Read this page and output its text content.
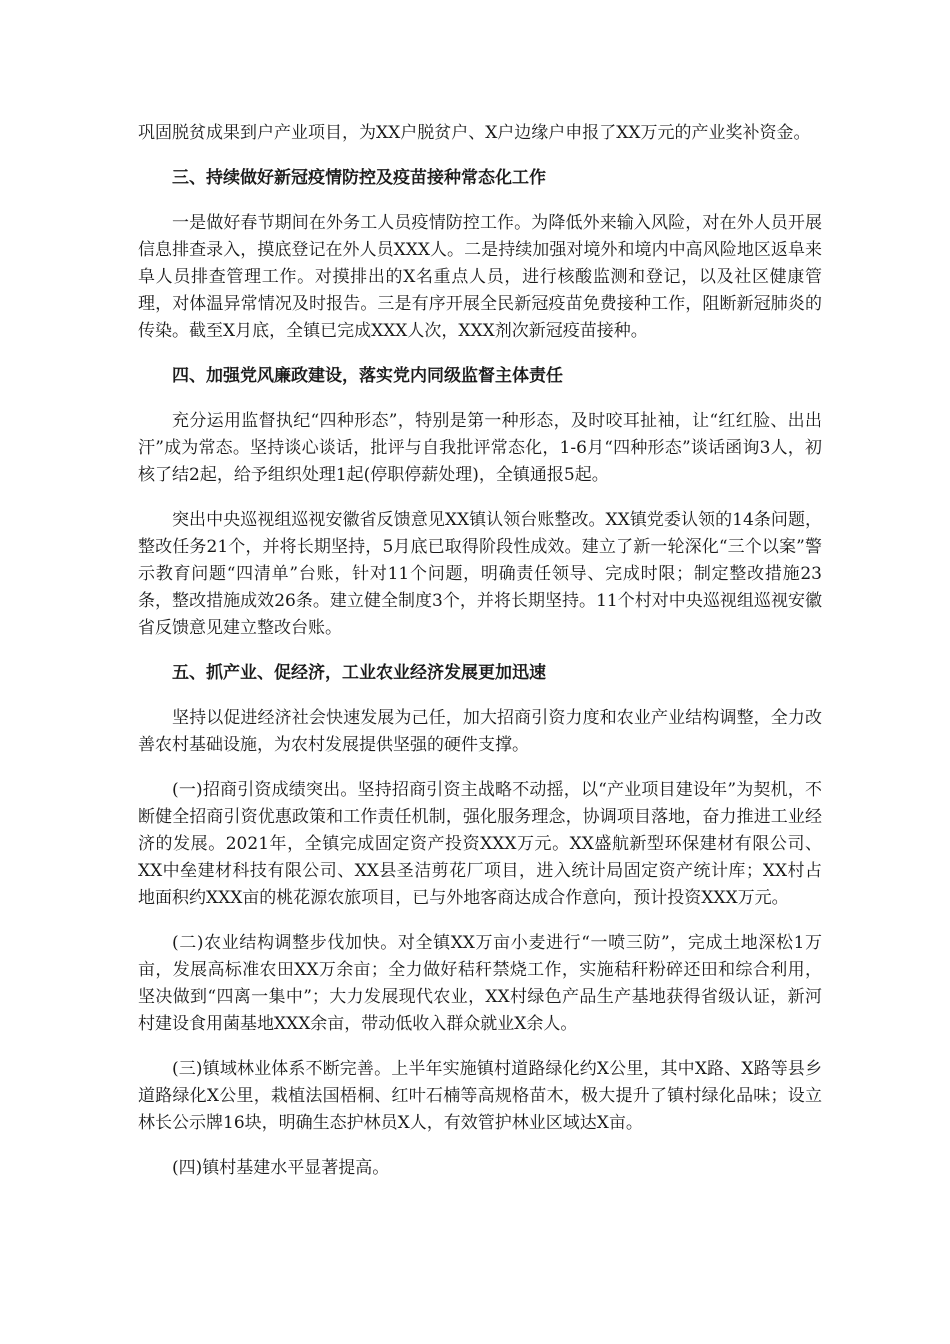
巩固脱贫成果到户产业项目，为XX户脱贫户、X户边缘户申报了XX万元的产业奖补资金。

三、持续做好新冠疫情防控及疫苗接种常态化工作

一是做好春节期间在外务工人员疫情防控工作。为降低外来输入风险，对在外人员开展信息排查录入，摸底登记在外人员XXX人。二是持续加强对境外和境内中高风险地区返阜来阜人员排查管理工作。对摸排出的X名重点人员，进行核酸监测和登记，以及社区健康管理，对体温异常情况及时报告。三是有序开展全民新冠疫苗免费接种工作，阻断新冠肺炎的传染。截至X月底，全镇已完成XXX人次，XXX剂次新冠疫苗接种。

四、加强党风廉政建设，落实党内同级监督主体责任

充分运用监督执纪“四种形态”，特别是第一种形态，及时咬耳扯袖，让“红红脸、出出汗”成为常态。坚持谈心谈话，批评与自我批评常态化，1-6月“四种形态”谈话函询3人，初核了结2起，给予组织处理1起(停职停薪处理)，全镇通报5起。

突出中央巡视组巡视安徽省反馈意见XX镇认领台账整改。XX镇党委认领的14条问题，整改任务21个，并将长期坚持，5月底已取得阶段性成效。建立了新一轮深化“三个以案”警示教育问题“四清单”台账，针对11个问题，明确责任领导、完成时限；制定整改措施23条，整改措施成效26条。建立健全制度3个，并将长期坚持。11个村对中央巡视组巡视安徽省反馈意见建立整改台账。

五、抓产业、促经济，工业农业经济发展更加迅速

坚持以促进经济社会快速发展为己任，加大招商引资力度和农业产业结构调整，全力改善农村基础设施，为农村发展提供坚强的硬件支撑。

(一)招商引资成绩突出。坚持招商引资主战略不动摇，以“产业项目建设年”为契机，不断健全招商引资优惠政策和工作责任机制，强化服务理念，协调项目落地，奋力推进工业经济的发展。2021年，全镇完成固定资产投资XXX万元。XX盛航新型环保建材有限公司、XX中垒建材科技有限公司、XX县圣洁剪花厂项目，进入统计局固定资产统计库；XX村占地面积约XXX亩的桃花源农旅项目，已与外地客商达成合作意向，预计投资XXX万元。

(二)农业结构调整步伐加快。对全镇XX万亩小麦进行“一喷三防”，完成土地深松1万亩，发展高标准农田XX万余亩；全力做好秸秆禁烧工作，实施秸秆粉碎还田和综合利用，坚决做到“四离一集中”；大力发展现代农业，XX村绿色产品生产基地获得省级认证，新河村建设食用菌基地XXX余亩，带动低收入群众就业X余人。

(三)镇域林业体系不断完善。上半年实施镇村道路绿化约X公里，其中X路、X路等县乡道路绿化X公里，栽植法国梧桐、红叶石楠等高规格苗木，极大提升了镇村绿化品味；设立林长公示牌16块，明确生态护林员X人，有效管护林业区域达X亩。

(四)镇村基建水平显著提高。
